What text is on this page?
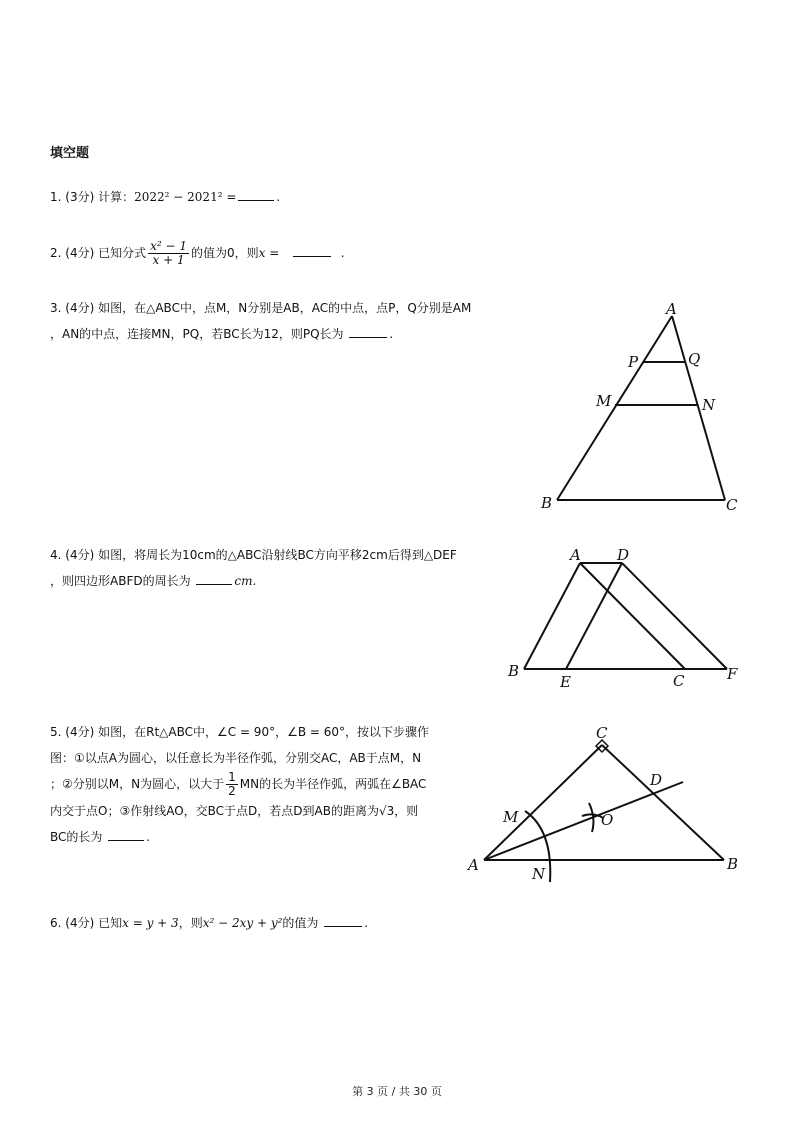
填空题
1. (3分) 计算：2022² − 2021² =	.
2. (4分) 已知分式 $\frac{\text{x² − 1}}{x + 1}$ 的值为0，则x =	.
3. (4分) 如图，在△ABC中，点M，N分别是AB，AC的中点，点P，Q分别是AM
，AN的中点，连接MN，PQ，若BC长为12，则PQ长为	.
A
P	Q
M	N
B	C
4. (4分) 如图，将周长为10cm的△ABC沿射线BC方向平移2cm后得到△DEF
，则四边形ABFD的周长为	cm.
A D
B
E	C	F
5. (4分) 如图，在Rt△ABC中，∠C = 90°，∠B = 60°，按以下步骤作
图：①以点A为圆心，以任意长为半径作弧，分别交AC，AB于点M，N
；②分别以M，N为圆心，以大于 $\frac{1}{2}$ MN的长为半径作弧，两弧在∠BAC
内交于点O；③作射线AO，交BC于点D，若点D到AB的距离为√3，则
BC的长为	.
C
D
M	O
A	N
B
6. (4分) 已知x = y + 3，则x² − 2xy + y²的值为	.
第 3 页 / 共 30 页
